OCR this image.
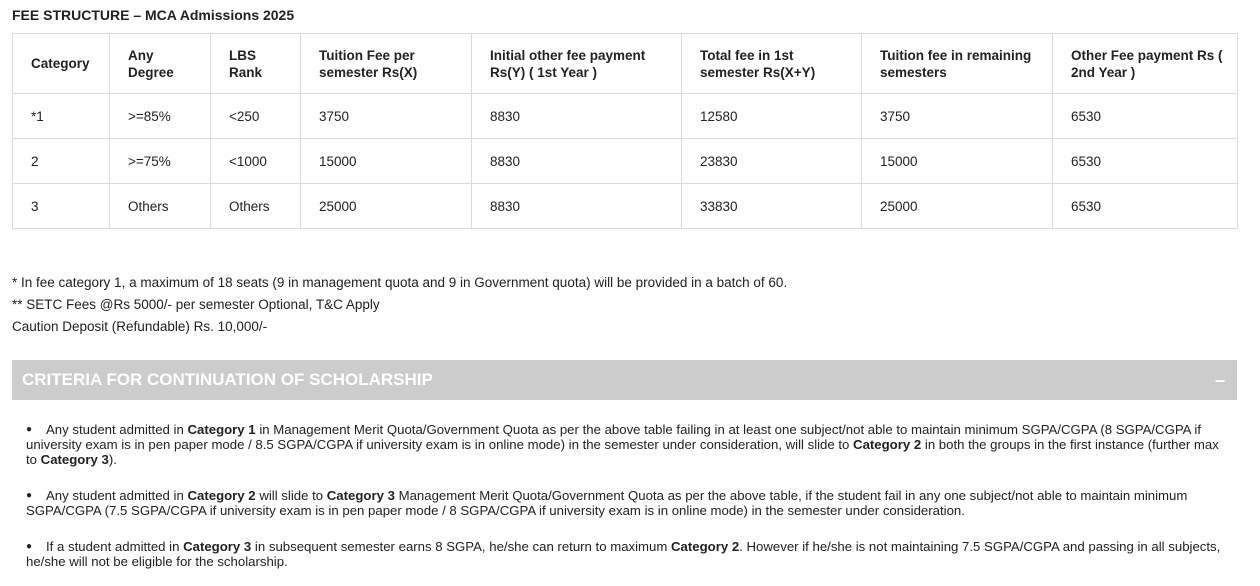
FEE STRUCTURE – MCA Admissions 2025
Category	Any Degree	LBS Rank	Tuition Fee per semester Rs(X)	Initial other fee payment Rs(Y) ( 1st Year )	Total fee in 1st semester Rs(X+Y)	Tuition fee in remaining semesters	Other Fee payment Rs ( 2nd Year )
*1	>=85%	<250	3750	8830	12580	3750	6530
2	>=75%	<1000	15000	8830	23830	15000	6530
3	Others	Others	25000	8830	33830	25000	6530

* In fee category 1, a maximum of 18 seats (9 in management quota and 9 in Government quota) will be provided in a batch of 60.

** SETC Fees @Rs 5000/- per semester Optional, T&C Apply

Caution Deposit (Refundable) Rs. 10,000/-

CRITERIA FOR CONTINUATION OF SCHOLARSHIP	–
● Any student admitted in Category 1 in Management Merit Quota/Government Quota as per the above table failing in at least one subject/not able to maintain minimum SGPA/CGPA (8 SGPA/CGPA if university exam is in pen paper mode / 8.5 SGPA/CGPA if university exam is in online mode) in the semester under consideration, will slide to Category 2 in both the groups in the first instance (further max to Category 3).
● Any student admitted in Category 2 will slide to Category 3 Management Merit Quota/Government Quota as per the above table, if the student fail in any one subject/not able to maintain minimum SGPA/CGPA (7.5 SGPA/CGPA if university exam is in pen paper mode / 8 SGPA/CGPA if university exam is in online mode) in the semester under consideration.
● If a student admitted in Category 3 in subsequent semester earns 8 SGPA, he/she can return to maximum Category 2. However if he/she is not maintaining 7.5 SGPA/CGPA and passing in all subjects, he/she will not be eligible for the scholarship.
